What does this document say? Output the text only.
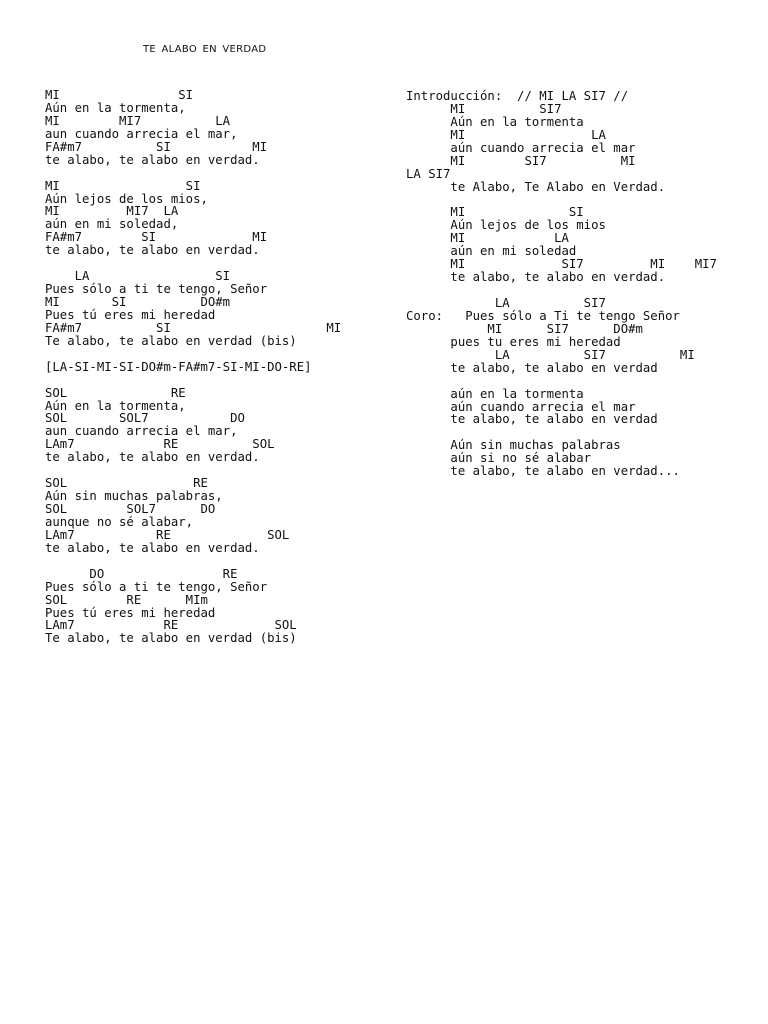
TE ALABO EN VERDAD
MI                SI
Aún en la tormenta,
MI        MI7          LA
aun cuando arrecia el mar,
FA#m7          SI           MI
te alabo, te alabo en verdad.
MI                 SI
Aún lejos de los mios,
MI         MI7  LA
aún en mi soledad,
FA#m7        SI             MI
te alabo, te alabo en verdad.
LA                 SI
Pues sólo a ti te tengo, Señor
MI       SI          DO#m
Pues tú eres mi heredad
FA#m7          SI                     MI
Te alabo, te alabo en verdad (bis)
[LA-SI-MI-SI-DO#m-FA#m7-SI-MI-DO-RE]
SOL              RE
Aún en la tormenta,
SOL       SOL7           DO
aun cuando arrecia el mar,
LAm7            RE          SOL
te alabo, te alabo en verdad.
SOL                 RE
Aún sin muchas palabras,
SOL        SOL7      DO
aunque no sé alabar,
LAm7           RE             SOL
te alabo, te alabo en verdad.
DO                RE
Pues sólo a ti te tengo, Señor
SOL        RE      MIm
Pues tú eres mi heredad
LAm7            RE             SOL
Te alabo, te alabo en verdad (bis)
Introducción:  // MI LA SI7 //
MI          SI7
Aún en la tormenta
MI                 LA
aún cuando arrecia el mar
MI        SI7          MI
LA SI7
te Alabo, Te Alabo en Verdad.
MI              SI
Aún lejos de los mios
MI            LA
aún en mi soledad
MI             SI7         MI    MI7
te alabo, te alabo en verdad.
LA          SI7
Coro:   Pues sólo a Ti te tengo Señor
MI      SI7      DO#m
pues tu eres mi heredad
LA          SI7          MI
te alabo, te alabo en verdad
aún en la tormenta
aún cuando arrecia el mar
te alabo, te alabo en verdad
Aún sin muchas palabras
aún si no sé alabar
te alabo, te alabo en verdad...
